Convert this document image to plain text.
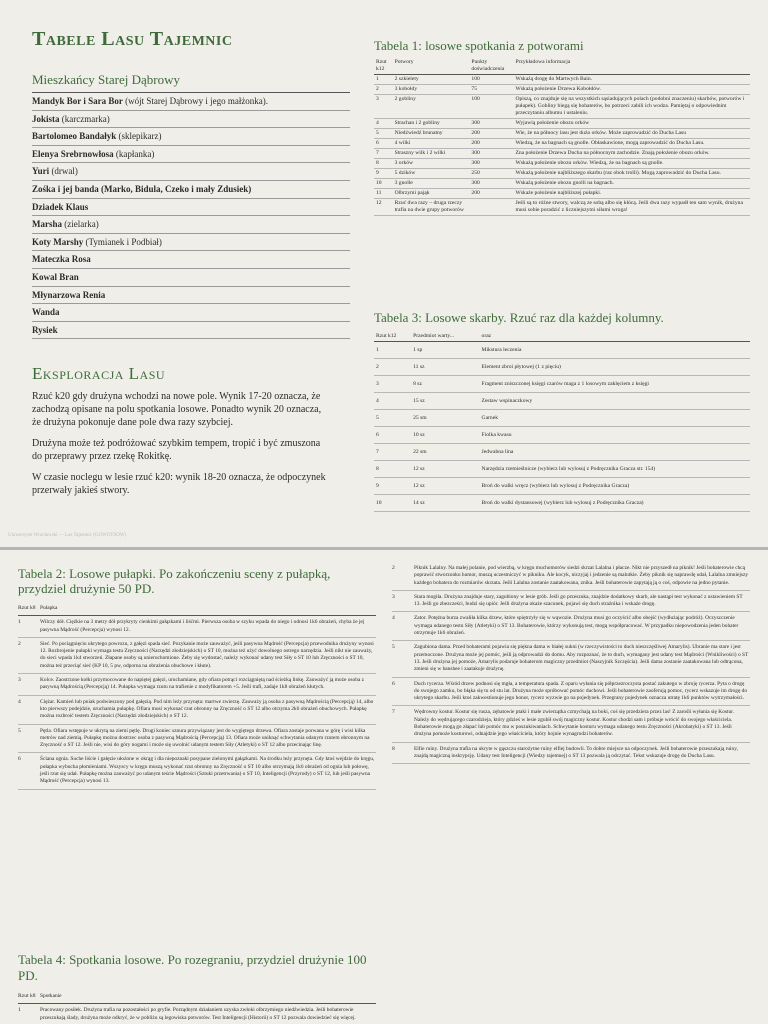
Tabele Lasu Tajemnic
Mieszkańcy Starej Dąbrowy
Mandyk Bor i Sara Bor (wójt Starej Dąbrowy i jego małżonka).
Jokista (karczmarka)
Bartolomeo Bandałyk (sklepikarz)
Elenya Srebrnowłosa (kapłanka)
Yuri (drwal)
Zośka i jej banda (Marko, Bidula, Czeko i mały Zdusiek)
Dziadek Klaus
Marsha (zielarka)
Koty Marshy (Tymianek i Podbiał)
Mateczka Rosa
Kowal Bran
Młynarzowa Renia
Wanda
Rysiek
Eksploracja Lasu

Rzuć k20 gdy drużyna wchodzi na nowe pole. Wynik 17-20 oznacza, że zachodzą opisane na polu spotkania losowe. Ponadto wynik 20 oznacza, że drużyna pokonuje dane pole dwa razy szybciej.

Drużyna może też podróżować szybkim tempem, tropić i być zmuszona do przeprawy przez rzekę Rokitkę.

W czasie noclegu w lesie rzuć k20: wynik 18-20 oznacza, że odpoczynek przerwały jakieś stwory.

Tabela 1: losowe spotkania z potworami
Rzut k12	Potwory	Punkty doświadczenia	Przykładowa informacja
1	2 szkielety	100	Wskażą drogę do Martwych Bain.
2	3 kobołdy	75	Wskażą położenie Drzewa Kobołdów.
3	2 gobliny	100	Opiszą, co znajduje się na wszystkich sąsiadujących polach (podobni znaczeniu) skarbów, potworów i pułapek). Gobliny biegą się bohaterów, bo potrzeci zabili ich wodza. Pamiętaj o odpowiednim przeczytaniu albumu i ustaleniu.
4	Strachan i 2 gobliny	300	Wyjawią położenie obozu orków
5	Niedźwiedź brunatny	200	Wie, że na północy lasu jest dużo orków. Może zaprowadzić do Ducha Lasu
6	4 wilki	200	Wiedzą, że na bagnach są gnolle. Obłaskawione, mogą zaprowadzić do Ducha Lasu.
7	Straszny wilk i 2 wilki	300	Zna położenie Drzewa Ducha na północnym zachodzie. Znają położenie obozu orków.
8	3 orków	300	Wskażą położenie obozu orków. Wiedzą, że na bagnach są gnolle.
9	5 dzików	250	Wskażą położenie najbliższego skarbu (raz obok trolli). Mogą zaprowadzić do Ducha Lasu.
10	3 gnolle	300	Wskażą położenie obozu gnolli na bagnach.
11	Olbrzymi pająk	200	Wskaże położenie najbliższej pułapki.
12	Rzuć dwa razy – druga rzeczy trafia na dwie grupy potworów		Jeśli są to różne stwory, walczą ze sobą albo się kłócą. Jeśli dwa razy wypadł ten sam wynik, drużyna musi sobie poradzić z liczniejszymi siłami wroga!
Tabela 3: Losowe skarby. Rzuć raz dla każdej kolumny.
Rzut k12	Przedmiot warty...	oraz
1	1 sp	Mikstura leczenia
2	11 sz	Element zbroi płytowej (1 z pięciu)
3	8 sz	Fragment zniszczonej księgi czarów maga z 1 losowym zaklęciem z księgi
4	15 sz	Zestaw wspinaczkowy
5	25 sm	Garnek
6	10 sz	Fiolka kwasu
7	22 sm	Jedwabna lina
8	12 sz	Narzędzia rzemieślnicze (wybierz lub wylosuj z Podręcznika Gracza str. 154)
9	12 sz	Broń do walki wręcz (wybierz lub wylosuj z Podręcznika Gracza)
10	14 sz	Broń do walki dystansowej (wybierz lub wylosuj z Podręcznika Gracza)
Uniwersytet Wrocławski — Las Tajemnic (GOWOTSOW)
Tabela 2: Losowe pułapki. Po zakończeniu sceny z pułapką, przydziel drużynie 50 PD.
Rzut k8 Pułapka
1	Wilczy dół. Ciężkie na 3 metry dół przykryty cienkimi gałązkami i liśćmi. Pierwsza osoba w szyku wpada do niego i odnosi 1k6 obrażeń, chyba że jej pasywna Mądrość (Percepcja) wynosi 12.
2	Sieć. Po pociągnięciu ukrytego powrozu, z gałęzi spada sieć. Pozykanie może zauważyć, jeśli pasywna Mądrość (Percepcja) przewodnika drużyny wynosi 12. Rozbrojenie pułapki wymaga testu Zręczności (Narzędzi złodziejskich) o ST 10, można też użyć dowolnego ostrego narzędzia. Jeśli nikt nie zauważy, do sieci wpada 1k4 stworzeń. Złapane osoby są unieruchomione. Żeby się wydostać, należy wykonać udany test Siły o ST 10 lub Zręczności o ST 10, można też przeciąć sieć (KP 10, 5 pw, odporna na obrażenia obuchowe i kłute).
3	Kolce. Zaostrzone kołki przymocowane do napiętej gałęzi, uruchamiane, gdy ofiara potrąci rozciągniętą nad ścieżką linkę. Zauważyć ją może osoba z pasywną Mądrością (Percepcją) 14. Pułapka wymaga rzutu na trafienie z modyfikatorem +5. Jeśli trafi, zadaje 1k8 obrażeń kłutych.
4	Ciężar. Kamień lub pniak podwieszony pod gałęzią. Pod nim leży przynęta: martwe zwierzę. Zauważy ją osoba z pasywną Mądrością (Percepcją) 14, albo kto pierwszy podejdzie, uruchamia pułapkę. Ofiara musi wykonać rzut obronny na Zręczność o ST 12 albo otrzyma 2k6 obrażeń obuchowych. Pułapkę można rozbroić testem Zręczności (Narzędzi złodziejskich) o ST 12.
5	Pętla. Ofiara wstępuje w ukrytą na ziemi pętlę. Drugi koniec sznura przywiązany jest do wygiętego drzewa. Ofiara zostaje porwana w górę i wisi kilka metrów nad ziemią. Pułapkę można dostrzec osoba z pasywną Mądrością (Percepcją) 13. Ofiara może uniknąć schwytania udanym rzutem obronnym na Zręczność o ST 12. Jeśli nie, wisi do góry nogami i może się uwolnić udanym testem Siły (Atletyki) o ST 12 albo przecinając linę.
6	Ściana ognia. Suche liście i gałęzie ułożone w okrąg i dla niepoznaki posypane zielonymi gałązkami. Na środku leży przynęta. Gdy ktoś wejdzie do kręgu, pułapka wybucha płomieniami. Wszyscy w kręgu muszą wykonać rzut obronny na Zręczność o ST 10 albo otrzymają 1k6 obrażeń od ognia lub połowę, jeśli rzut się udał. Pułapkę można zauważyć po udanym teście Mądrości (Sztuki przetrwania) o ST 10, Inteligencji (Przyrody) o ST 12, lub jeśli pasywna Mądrość (Percepcja) wynosi 13.
Tabela 4: Spotkania losowe. Po rozegraniu, przydziel drużynie 100 PD.
Rzut k8 Spotkanie
1	Pracowany posiłek. Drużyna trafia na pozostałości po gryfie. Porządnym działaniem uzyska zwłoki olbrzymiego niedźwiedzia. Jeśli bohaterowie przeszukają ślady, drużyna może odkryć, że w pobliżu są legowiska potworów. Test Inteligencji (Historii) o ST 12 pozwala dowiedzieć się więcej.
2	Piknik Lalalny. Na małej polanie, pod wierzbą, w kręgu muchomorów siedzi skrzat Lalalna i płacze. Nikt nie przyszedł na piknik! Jeśli bohaterowie chcą poprawić stworzonku humor, muszą uczestniczyć w pikniku. Ale kocyk, niczyjaj i jedzenie są malutkie. Żeby piknik się naprawdę udał, Lalalna zmniejszy każdego bohatera do rozmiarów skrzata. Jeśli Lalalna zostanie zaatakowana, znika. Jeśli bohaterowie zapytają ją o coś, odpowie na jedno pytanie.
3	Stara mogiła. Drużyna znajduje stary, zagubiony w lesie grób. Jeśli go przeszuka, znajdzie dodatkowy skarb, ale nastąpi test wykonać z ustawieniem ST 13. Jeśli go zbezcześci, budzi się upiór. Jeśli drużyna okaże szacunek, pojawi się duch strażnika i wskaże drogę.
4	Zator. Potężna burza zwaliła kilka drzew, które spiętrzyły się w wąwozie. Drużyna musi go oczyścić albo obejść (wydłużając podróż). Oczyszczenie wymaga udanego testu Siły (Atletyki) o ST 13. Bohaterowie, którzy wykonują test, mogą współpracować. W przypadku niepowodzenia jeden bohater otrzymuje 1k6 obrażeń.
5	Zagubiona dama. Przed bohaterami pojawia się piękna dama w białej sukni (w rzeczywistości to duch nieszczęśliwej Amarylis). Ubranie ma stare i jest przemoczone. Drużyna może jej pomóc, jeśli ją odprowadzi do domu. Aby rozpoznać, że to duch, wymagany jest udany test Mądrości (Wnikliwości) o ST 13. Jeśli drużyna jej pomoże, Amarylis podaruje bohaterom magiczny przedmiot (Naszyjnik Szczęścia). Jeśli dama zostanie zaatakowana lub odtrącona, zmieni się w banshee i zaatakuje drużynę.
6	Duch rycerza. Wśród drzew podnosi się mgła, a temperatura spada. Z oparu wyłania się półprzezroczysta postać zakutego w zbroję rycerza. Pyta o drogę do swojego zamku, bo błąka się tu od stu lat. Drużyna może spróbować pomóc duchowi. Jeśli bohaterowie zaoferują pomoc, rycerz wskazuje im drogę do ukrytego skarbu. Jeśli ktoś zakwestionuje jego honor, rycerz wyzwie go na pojedynek. Przegrany pojedynek oznacza utratę 1k6 punktów wytrzymałości.
7	Wędrowny kostur. Kostur się rusza, zębatowie ptaki i małe zwierzątka czmychają na boki, coś się przedziera przez las! Z zarośli wyłania się Kostur. Należy do wędrującego czarodzieja, który gdzieś w lesie zgubił swój magiczny kostur. Kostur chodzi sam i próbuje wrócić do swojego właściciela. Bohaterowie mogą go złapać lub pomóc mu w poszukiwaniach. Schwytanie kosturu wymaga udanego testu Zręczności (Akrobatyki) o ST 13. Jeśli drużyna pomoże kosturowi, odnajdzie jego właściciela, który hojnie wynagrodzi bohaterów.
8	Elfie ruiny. Drużyna trafia na ukryte w gąszczu starożytne ruiny elfiej budowli. To dobre miejsce na odpoczynek. Jeśli bohaterowie przeszukają ruiny, znajdą magiczną inskrypcję. Udany test Inteligencji (Wiedzy tajemnej) o ST 13 pozwala ją odczytać. Tekst wskazuje drogę do Ducha Lasu.
